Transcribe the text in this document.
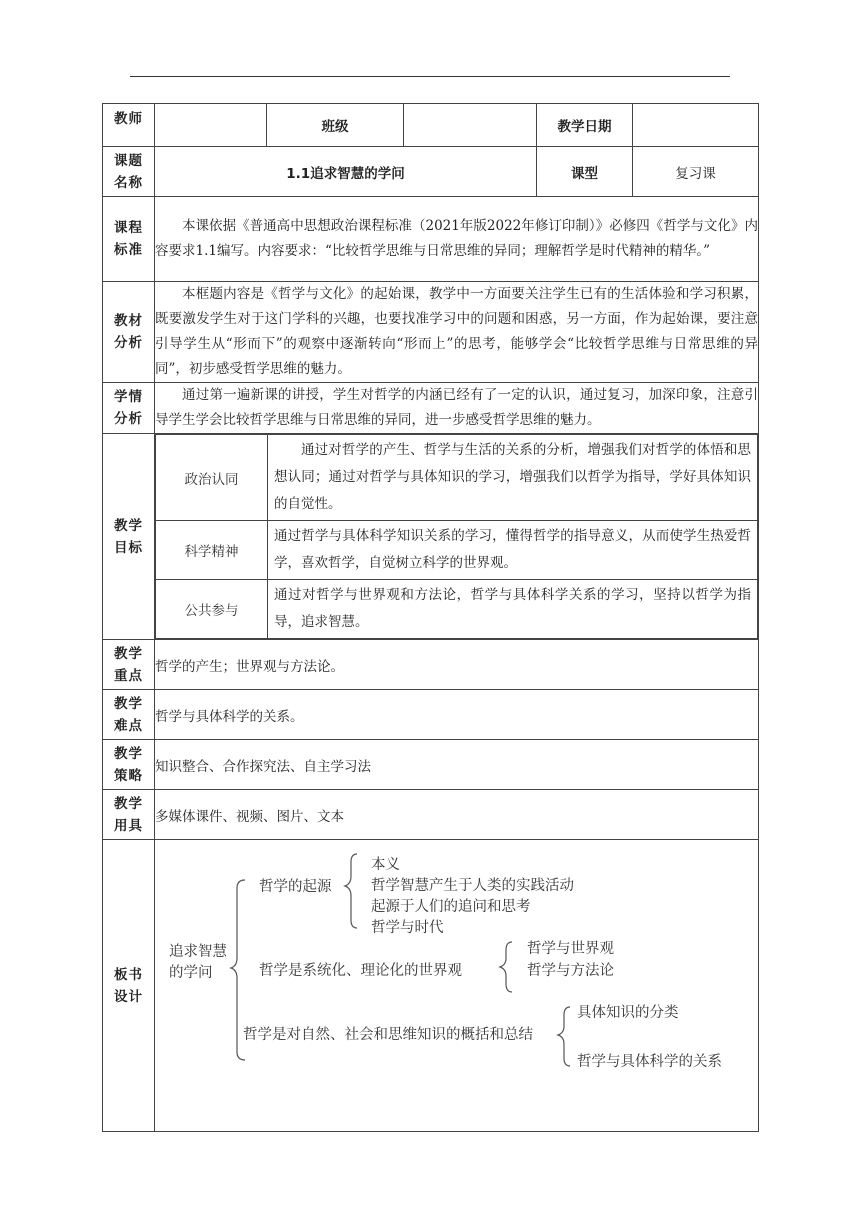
教师		班级		教学日期	

课题
名称
	1.1追求智慧的学问	课型	复习课

课程
标准
	本课依据《普通高中思想政治课程标准（2021年版2022年修订印制）》必修四《哲学与文化》内容要求1.1编写。内容要求：“比较哲学思维与日常思维的异同；理解哲学是时代精神的精华。”

教材
分析
	本框题内容是《哲学与文化》的起始课，教学中一方面要关注学生已有的生活体验和学习积累，既要激发学生对于这门学科的兴趣，也要找准学习中的问题和困惑，另一方面，作为起始课，要注意引导学生从“形而下”的观察中逐渐转向“形而上”的思考，能够学会“比较哲学思维与日常思维的异同”，初步感受哲学思维的魅力。

学情
分析
	通过第一遍新课的讲授，学生对哲学的内涵已经有了一定的认识，通过复习，加深印象，注意引导学生学会比较哲学思维与日常思维的异同，进一步感受哲学思维的魅力。

教学
目标

政治认同	通过对哲学的产生、哲学与生活的关系的分析，增强我们对哲学的体悟和思想认同；通过对哲学与具体知识的学习，增强我们以哲学为指导，学好具体知识的自觉性。
科学精神	通过哲学与具体科学知识关系的学习，懂得哲学的指导意义，从而使学生热爱哲学，喜欢哲学，自觉树立科学的世界观。
公共参与	通过对哲学与世界观和方法论，哲学与具体科学关系的学习，坚持以哲学为指导，追求智慧。

教学
重点
	哲学的产生；世界观与方法论。

教学
难点
	哲学与具体科学的关系。

教学
策略
	知识整合、合作探究法、自主学习法

教学
用具
	多媒体课件、视频、图片、文本

板书
设计

追求智慧
的学问
哲学的起源
本义
哲学智慧产生于人类的实践活动
起源于人们的追问和思考
哲学与时代
哲学是系统化、理论化的世界观
哲学与世界观
哲学与方法论
哲学是对自然、社会和思维知识的概括和总结
具体知识的分类
哲学与具体科学的关系
